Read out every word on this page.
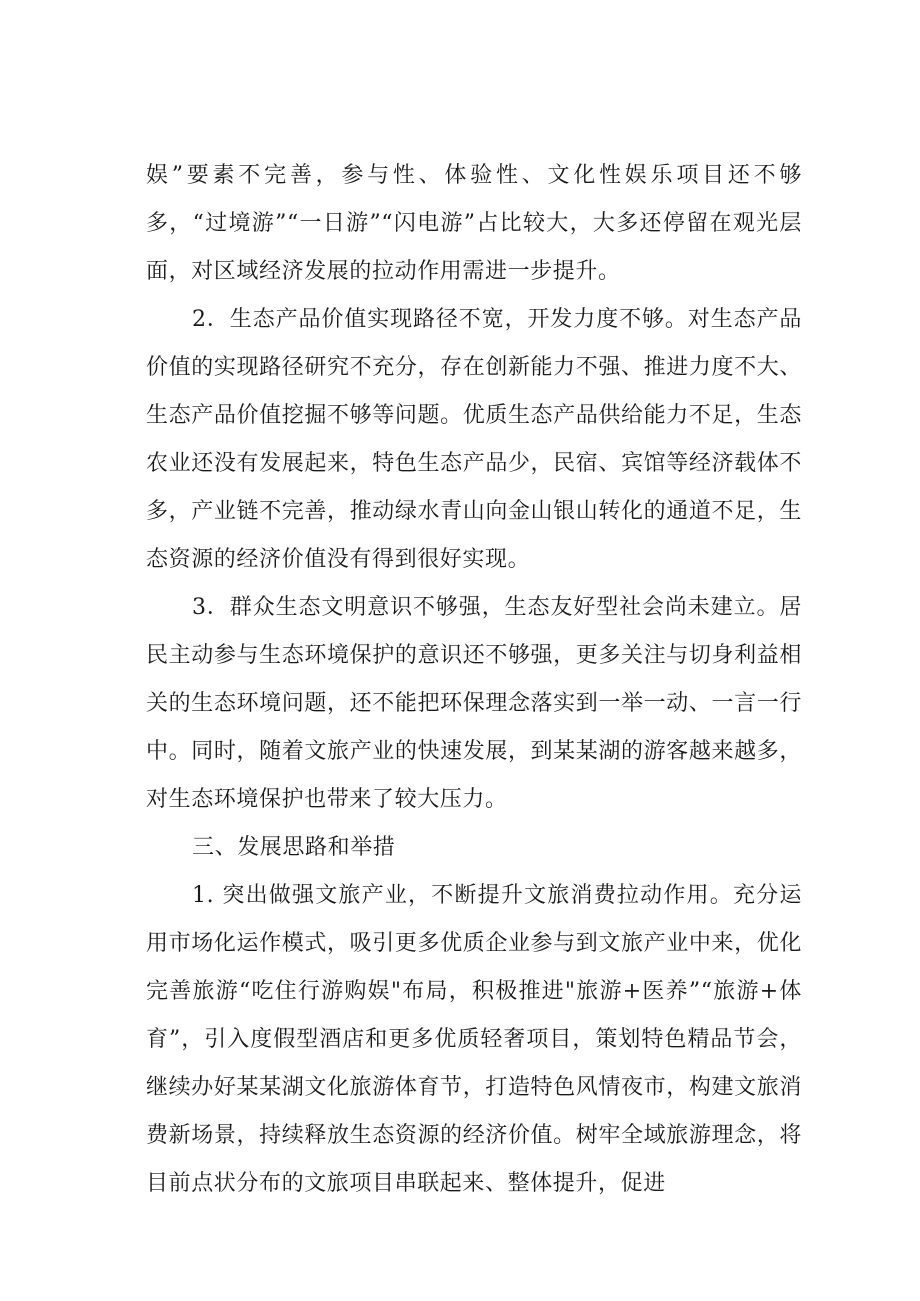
娱”要素不完善，参与性、体验性、文化性娱乐项目还不够多，“过境游”“一日游”“闪电游”占比较大，大多还停留在观光层面，对区域经济发展的拉动作用需进一步提升。

2．生态产品价值实现路径不宽，开发力度不够。对生态产品价值的实现路径研究不充分，存在创新能力不强、推进力度不大、生态产品价值挖掘不够等问题。优质生态产品供给能力不足，生态农业还没有发展起来，特色生态产品少，民宿、宾馆等经济载体不多，产业链不完善，推动绿水青山向金山银山转化的通道不足，生态资源的经济价值没有得到很好实现。

3．群众生态文明意识不够强，生态友好型社会尚未建立。居民主动参与生态环境保护的意识还不够强，更多关注与切身利益相关的生态环境问题，还不能把环保理念落实到一举一动、一言一行中。同时，随着文旅产业的快速发展，到某某湖的游客越来越多，对生态环境保护也带来了较大压力。

三、发展思路和举措

1. 突出做强文旅产业，不断提升文旅消费拉动作用。充分运用市场化运作模式，吸引更多优质企业参与到文旅产业中来，优化完善旅游“吃住行游购娱"布局，积极推进"旅游+医养”“旅游+体育”，引入度假型酒店和更多优质轻奢项目，策划特色精品节会，继续办好某某湖文化旅游体育节，打造特色风情夜市，构建文旅消费新场景，持续释放生态资源的经济价值。树牢全域旅游理念，将目前点状分布的文旅项目串联起来、整体提升，促进
